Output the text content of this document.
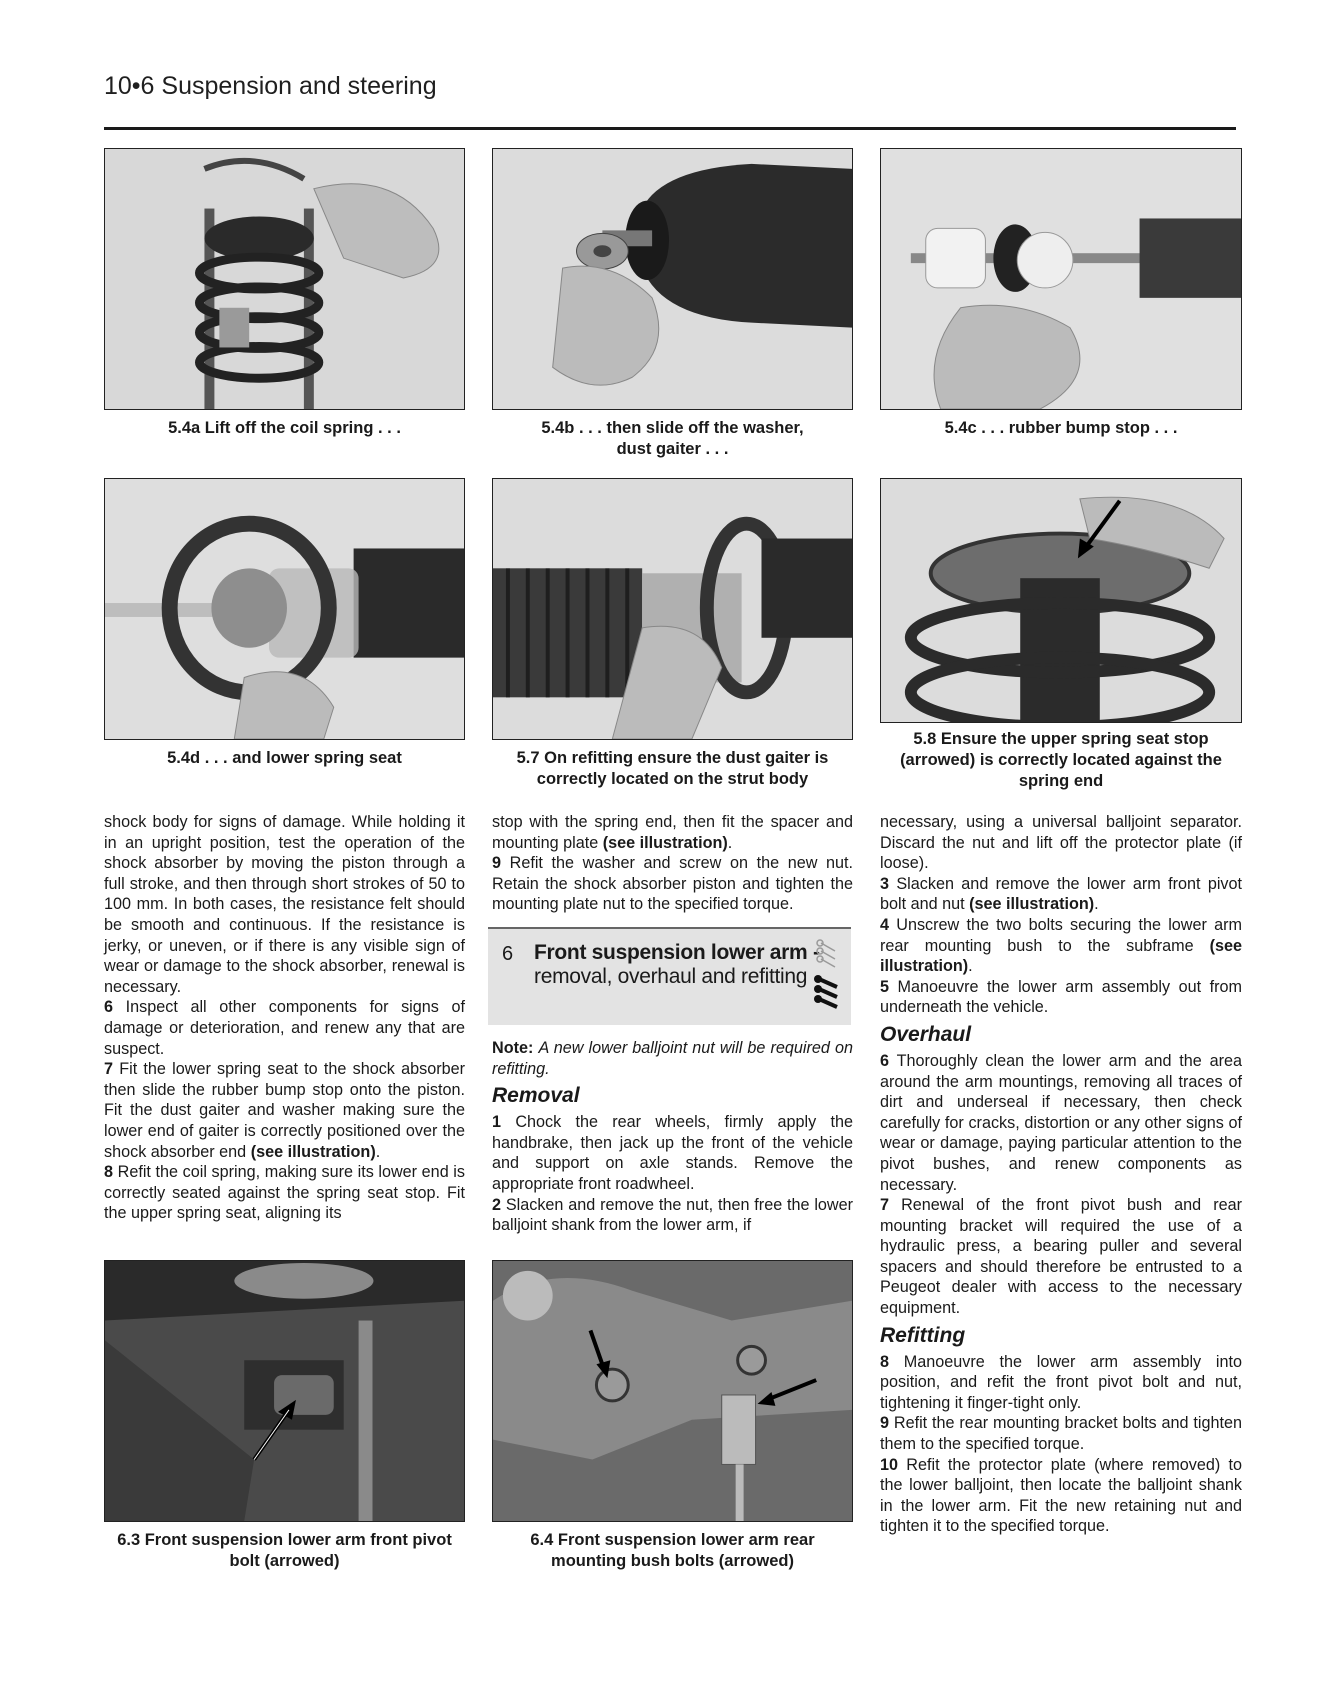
10•6 Suspension and steering
5.4a Lift off the coil spring . . .	5.4b . . . then slide off the washer,
dust gaiter . . .
5.4c . . . rubber bump stop . . .
5.4d . . . and lower spring seat	5.7 On refitting ensure the dust gaiter is
correctly located on the strut body
5.8 Ensure the upper spring seat stop
(arrowed) is correctly located against the
spring end

shock body for signs of damage. While holding it in an upright position, test the operation of the shock absorber by moving the piston through a full stroke, and then through short strokes of 50 to 100 mm. In both cases, the resistance felt should be smooth and continuous. If the resistance is jerky, or uneven, or if there is any visible sign of wear or damage to the shock absorber, renewal is necessary.

6 Inspect all other components for signs of damage or deterioration, and renew any that are suspect.

7 Fit the lower spring seat to the shock absorber then slide the rubber bump stop onto the piston. Fit the dust gaiter and washer making sure the lower end of gaiter is correctly positioned over the shock absorber end (see illustration).

8 Refit the coil spring, making sure its lower end is correctly seated against the spring seat stop. Fit the upper spring seat, aligning its

stop with the spring end, then fit the spacer and mounting plate (see illustration).

9 Refit the washer and screw on the new nut. Retain the shock absorber piston and tighten the mounting plate nut to the specified torque.

6 Front suspension lower arm -
removal, overhaul and refitting

Note: A new lower balljoint nut will be required on refitting.

Removal

1 Chock the rear wheels, firmly apply the handbrake, then jack up the front of the vehicle and support on axle stands. Remove the appropriate front roadwheel.

2 Slacken and remove the nut, then free the lower balljoint shank from the lower arm, if

necessary, using a universal balljoint separator. Discard the nut and lift off the protector plate (if loose).

3 Slacken and remove the lower arm front pivot bolt and nut (see illustration).

4 Unscrew the two bolts securing the lower arm rear mounting bush to the subframe (see illustration).

5 Manoeuvre the lower arm assembly out from underneath the vehicle.

Overhaul

6 Thoroughly clean the lower arm and the area around the arm mountings, removing all traces of dirt and underseal if necessary, then check carefully for cracks, distortion or any other signs of wear or damage, paying particular attention to the pivot bushes, and renew components as necessary.

7 Renewal of the front pivot bush and rear mounting bracket will required the use of a hydraulic press, a bearing puller and several spacers and should therefore be entrusted to a Peugeot dealer with access to the necessary equipment.

Refitting

8 Manoeuvre the lower arm assembly into position, and refit the front pivot bolt and nut, tightening it finger-tight only.

9 Refit the rear mounting bracket bolts and tighten them to the specified torque.

10 Refit the protector plate (where removed) to the lower balljoint, then locate the balljoint shank in the lower arm. Fit the new retaining nut and tighten it to the specified torque.

6.3 Front suspension lower arm front pivot
bolt (arrowed)
6.4 Front suspension lower arm rear
mounting bush bolts (arrowed)
